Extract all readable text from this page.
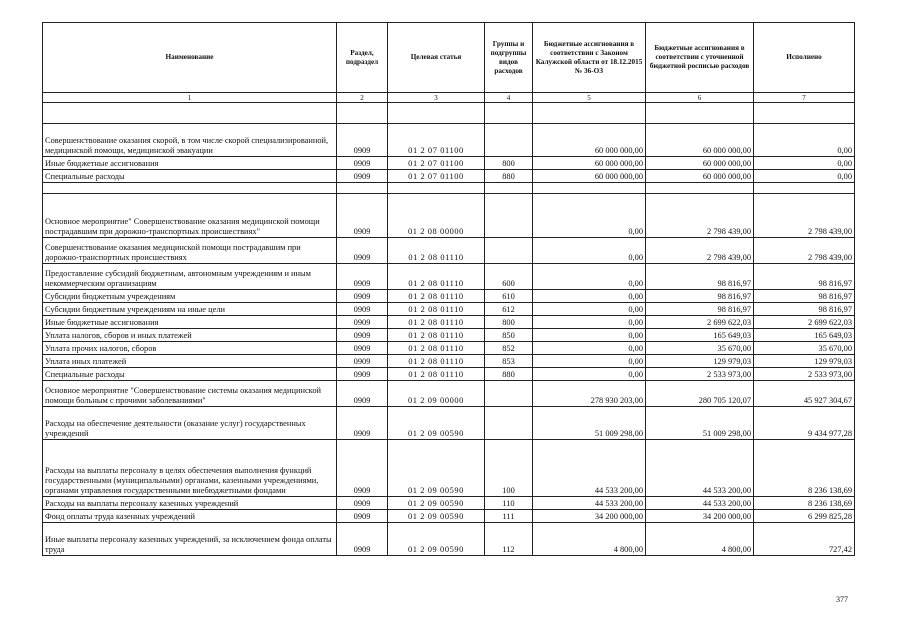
Наименование	Раздел, подраздел	Целевая статья	Группы и подгруппы видов расходов	Бюджетные ассигнования в соответствии с Законом Калужской области от 18.12.2015 № 36-ОЗ	Бюджетные ассигнования в соответствии с уточненной бюджетной росписью расходов	Исполнено
1	2	3	4	5	6	7

Совершенствование оказания скорой, в том числе скорой специализированной, медицинской помощи, медицинской эвакуации	0909	01 2 07 01100		60 000 000,00	60 000 000,00	0,00
Иные бюджетные ассигнования	0909	01 2 07 01100	800	60 000 000,00	60 000 000,00	0,00
Специальные расходы	0909	01 2 07 01100	880	60 000 000,00	60 000 000,00	0,00

Основное мероприятие" Совершенствование оказания медицинской помощи пострадавшим при дорожно-транспортных происшествиях"	0909	01 2 08 00000		0,00	2 798 439,00	2 798 439,00
Совершенствование оказания медицинской помощи пострадавшим при дорожно-транспортных происшествиях	0909	01 2 08 01110		0,00	2 798 439,00	2 798 439,00
Предоставление субсидий бюджетным, автономным учреждениям и иным некоммерческим организациям	0909	01 2 08 01110	600	0,00	98 816,97	98 816,97
Субсидии бюджетным учреждениям	0909	01 2 08 01110	610	0,00	98 816,97	98 816,97
Субсидии бюджетным учреждениям на иные цели	0909	01 2 08 01110	612	0,00	98 816,97	98 816,97
Иные бюджетные ассигнования	0909	01 2 08 01110	800	0,00	2 699 622,03	2 699 622,03
Уплата налогов, сборов и иных платежей	0909	01 2 08 01110	850	0,00	165 649,03	165 649,03
Уплата прочих налогов, сборов	0909	01 2 08 01110	852	0,00	35 670,00	35 670,00
Уплата иных платежей	0909	01 2 08 01110	853	0,00	129 979,03	129 979,03
Специальные расходы	0909	01 2 08 01110	880	0,00	2 533 973,00	2 533 973,00
Основное мероприятие "Совершенствование системы оказания медицинской помощи больным с прочими заболеваниями"	0909	01 2 09 00000		278 930 203,00	280 705 120,07	45 927 304,67
Расходы на обеспечение деятельности (оказание услуг) государственных учреждений	0909	01 2 09 00590		51 009 298,00	51 009 298,00	9 434 977,28
Расходы на выплаты персоналу в целях обеспечения выполнения функций государственными (муниципальными) органами, казенными учреждениями, органами управления государственными внебюджетными фондами	0909	01 2 09 00590	100	44 533 200,00	44 533 200,00	8 236 138,69
Расходы на выплаты персоналу казенных учреждений	0909	01 2 09 00590	110	44 533 200,00	44 533 200,00	8 236 138,69
Фонд оплаты труда казенных учреждений	0909	01 2 09 00590	111	34 200 000,00	34 200 000,00	6 299 825,28
Иные выплаты персоналу казенных учреждений, за исключением фонда оплаты труда	0909	01 2 09 00590	112	4 800,00	4 800,00	727,42
377
